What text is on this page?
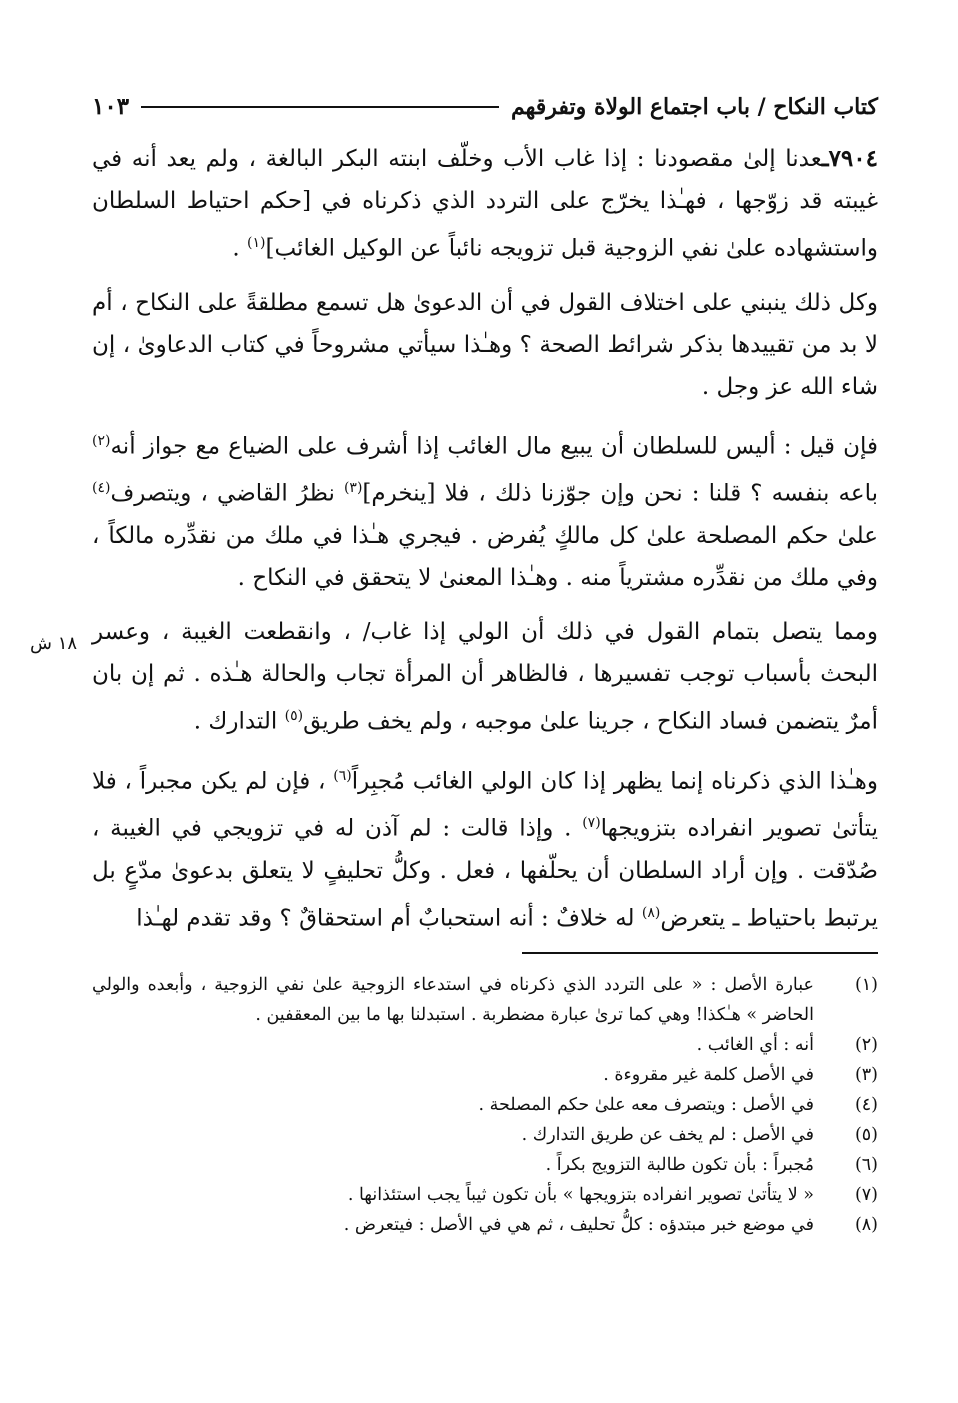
كتاب النكاح / باب اجتماع الولاة وتفرقهم
١٠٣

٧٩٠٤ـعدنا إلىٰ مقصودنا : إذا غاب الأب وخلّف ابنته البكر البالغة ، ولم يعد أنه في غيبته قد زوّجها ، فهـٰذا يخرّج على التردد الذي ذكرناه في [حكم احتياط السلطان واستشهاده علىٰ نفي الزوجية قبل تزويجه نائباً عن الوكيل الغائب]$^{(١)}$ .

وكل ذلك ينبني على اختلاف القول في أن الدعوىٰ هل تسمع مطلقةً على النكاح ، أم لا بد من تقييدها بذكر شرائط الصحة ؟ وهـٰذا سيأتي مشروحاً في كتاب الدعاوىٰ ، إن شاء الله عز وجل .

فإن قيل : أليس للسلطان أن يبيع مال الغائب إذا أشرف على الضياع مع جواز أنه$^{(٢)}$ باعه بنفسه ؟ قلنا : نحن وإن جوّزنا ذلك ، فلا [ينخرم]$^{(٣)}$ نظرُ القاضي ، ويتصرف$^{(٤)}$ علىٰ حكم المصلحة علىٰ كل مالكٍ يُفرض . فيجري هـٰذا في ملك من نقدِّره مالكاً ، وفي ملك من نقدِّره مشترياً منه . وهـٰذا المعنىٰ لا يتحقق في النكاح .

١٨ ش ومما يتصل بتمام القول في ذلك أن الولي إذا غاب/ ، وانقطعت الغيبة ، وعسر البحث بأسباب توجب تفسيرها ، فالظاهر أن المرأة تجاب والحالة هـٰذه . ثم إن بان أمرٌ يتضمن فساد النكاح ، جرينا علىٰ موجبه ، ولم يخف طريق$^{(٥)}$ التدارك .

وهـٰذا الذي ذكرناه إنما يظهر إذا كان الولي الغائب مُجبِراً$^{(٦)}$ ، فإن لم يكن مجبراً ، فلا يتأتىٰ تصوير انفراده بتزويجها$^{(٧)}$ . وإذا قالت : لم آذن له في تزويجي في الغيبة ، صُدّقت . وإن أراد السلطان أن يحلّفها ، فعل . وكلُّ تحليفٍ لا يتعلق بدعوىٰ مدّعٍ بل يرتبط باحتياط ـ يتعرض$^{(٨)}$ له خلافٌ : أنه استحبابٌ أم استحقاقٌ ؟ وقد تقدم لهـٰذا

(١)
عبارة الأصل : « على التردد الذي ذكرناه في استدعاء الزوجية علىٰ نفي الزوجية ، وأبعده والولي الحاضر » هـٰكذا! وهي كما ترىٰ عبارة مضطربة . استبدلنا بها ما بين المعقفين .
(٢)
أنه : أي الغائب .
(٣)
في الأصل كلمة غير مقروءة .
(٤)
في الأصل : ويتصرف معه علىٰ حكم المصلحة .
(٥)
في الأصل : لم يخف عن طريق التدارك .
(٦)
مُجبراً : بأن تكون طالبة التزويج بكراً .
(٧)
« لا يتأتىٰ تصوير انفراده بتزويجها » بأن تكون ثيباً يجب استئذانها .
(٨)
في موضع خبر مبتدؤه : كلُّ تحليف ، ثم هي في الأصل : فيتعرض .
